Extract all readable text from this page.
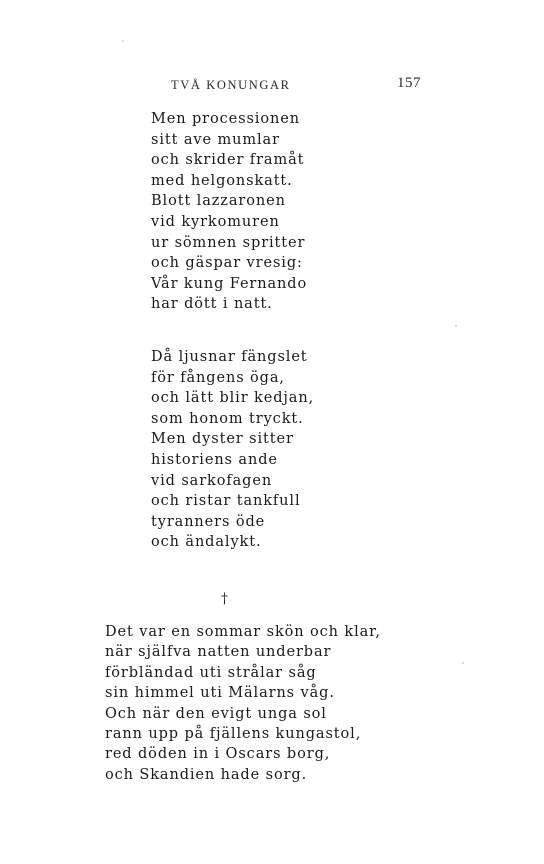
TVÅ KONUNGAR	157
Men processionen
sitt ave mumlar
och skrider framåt
med helgonskatt.
Blott lazzaronen
vid kyrkomuren
ur sömnen spritter
och gäspar vresig:
Vår kung Fernando
har dött i natt.
Då ljusnar fängslet
för fångens öga,
och lätt blir kedjan,
som honom tryckt.
Men dyster sitter
historiens ande
vid sarkofagen
och ristar tankfull
tyranners öde
och ändalykt.
†
Det var en sommar skön och klar,
när själfva natten underbar
förbländad uti strålar såg
sin himmel uti Mälarns våg.
Och när den evigt unga sol
rann upp på fjällens kungastol,
red döden in i Oscars borg,
och Skandien hade sorg.
